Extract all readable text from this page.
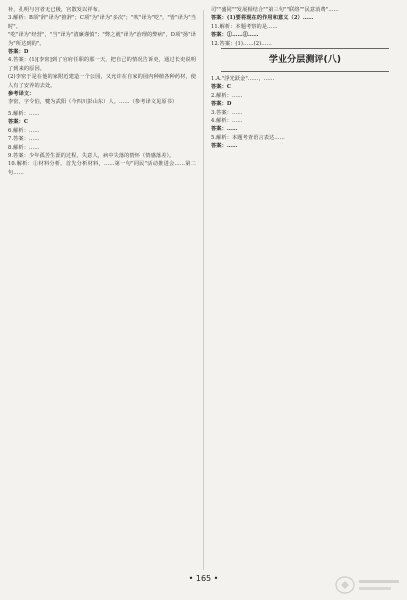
补，孔明与宫者无已极，宫散发以祥布。

3.解析：B项"辞"译为"推辞"；C项"为"译为"多次"；"吹"译为"吃"，"皆"译为"当时"。

"吃"译为"经营"，"当"译为"清廉谨慎"；"弊之就"译为"治理的弊病"，D项"扬"译为"所达到的"。

答案：D

4.答案：(1)[李密]到了官府任职的那一天，把自己的情况告诉吏，通过长吏说明了到来的原因。

(2)李密于是在他的家附近建造一个公园，又允许在自家的园内种植各种药材，使人有了安养的去处。

参考译文：

李密，字令伯，犍为武阳（今四川彭山东）人。……（参考译文见原书）

5.解析：……

答案：C

6.解析：……

7.答案：……

8.解析：……

9.答案：少年孤苦生涯的过程，失意人，病中失落的情怀（情感落差）。

10.解析：①材料分析。首先分析材料，……第一句"同民"活动推进会……第二句……

司""盛同""发展相结合""第三句""联络""民意消费"……

答案：(1)要将现在的作用和意义（2）……

11.解析：本题考察的是……

答案：①……②……

12.答案：(1)……(2)……

学业分层测评(八)

1.A."浮光跃金"……，……

答案：C

2.解析：……

答案：D

3.答案：……

4.解析：……

答案：……

5.解析：本题考查语言表达……

答案：……

• 165 •
